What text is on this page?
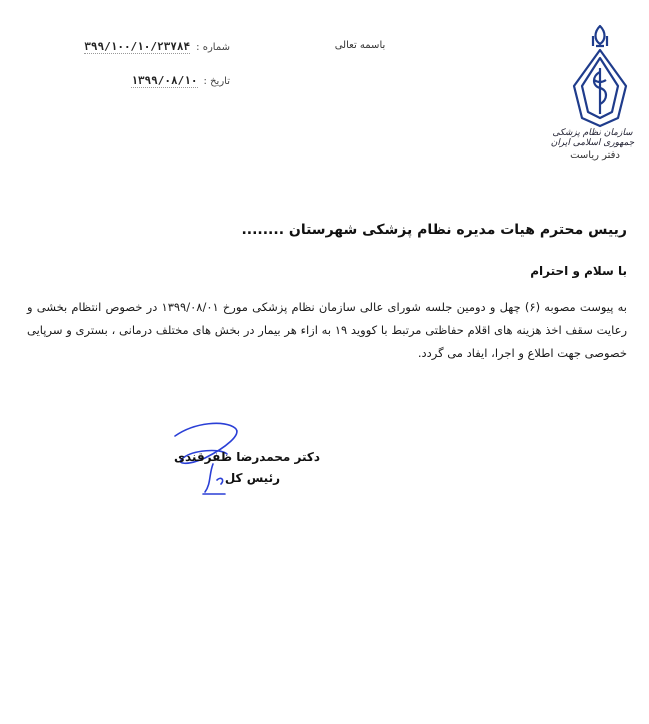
باسمه تعالی
شماره :
۳۹۹/۱۰۰/۱۰/۲۳۷۸۴
تاریخ :
۱۳۹۹/۰۸/۱۰
سازمان نظام پزشکی جمهوری اسلامی ایران
دفتر ریاست
رییس محترم هیات مدیره نظام پزشکی شهرستان ........
با سلام و احترام
به پیوست مصوبه (۶) چهل و دومین جلسه شورای عالی سازمان نظام پزشکی مورخ ۱۳۹۹/۰۸/۰۱ در خصوص انتظام بخشی و رعایت سقف اخذ هزینه های اقلام حفاظتی مرتبط با کووید ۱۹ به ازاء هر بیمار در بخش های مختلف درمانی ، بستری و سرپایی خصوصی جهت اطلاع و اجرا، ایفاد می گردد.
دکتر محمدرضا ظفرقندی
رئیس کل
